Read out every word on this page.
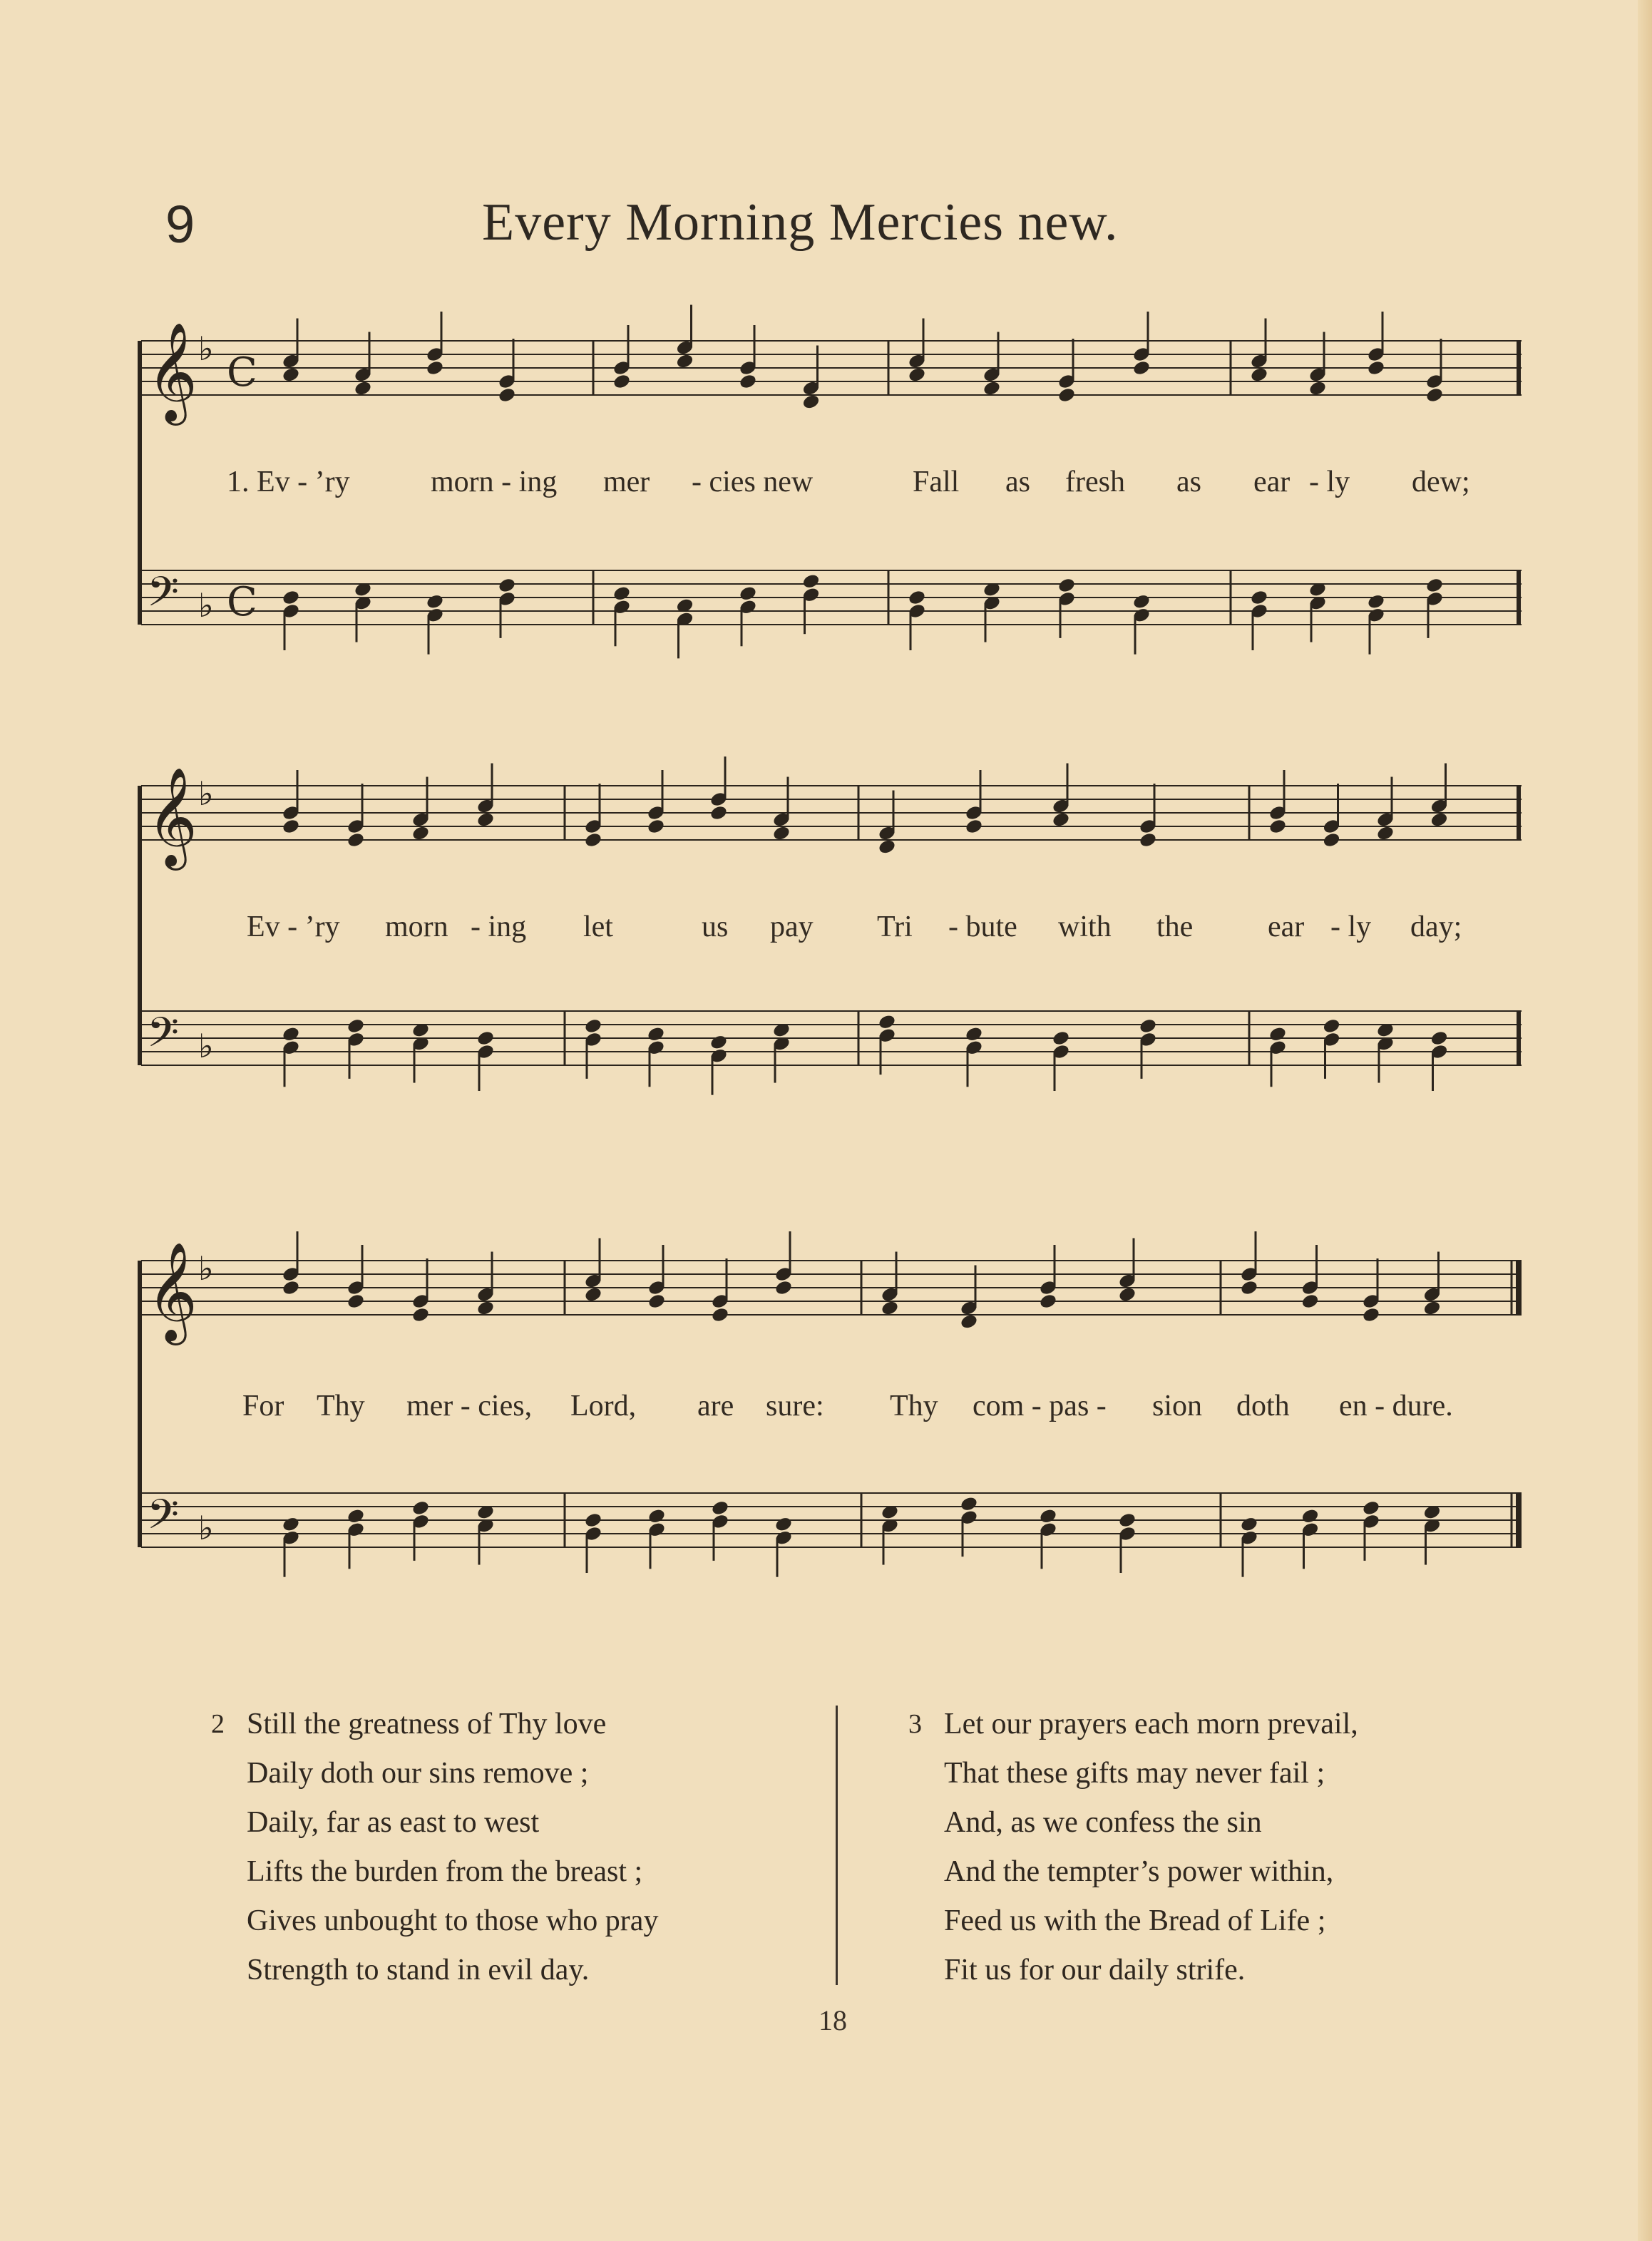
9	Every Morning Mercies new.
𝄞 ♭
C
𝄢 ♭ C
𝄞 ♭
𝄢 ♭
𝄞 ♭
𝄢 ♭
1. Ev - ’ry	morn - ing mer - cies new	Fall as fresh as ear - ly dew;
Ev - ’ry morn - ing let	us pay Tri - bute with the ear - ly day;
For Thy mer - cies, Lord, are sure: Thy com - pas - sion doth en - dure.
2 Still the greatness of Thy love
Daily doth our sins remove ;
Daily, far as east to west
Lifts the burden from the breast ;
Gives unbought to those who pray
Strength to stand in evil day.
3 Let our prayers each morn prevail,
That these gifts may never fail ;
And, as we confess the sin
And the tempter’s power within,
Feed us with the Bread of Life ;
Fit us for our daily strife.
18
